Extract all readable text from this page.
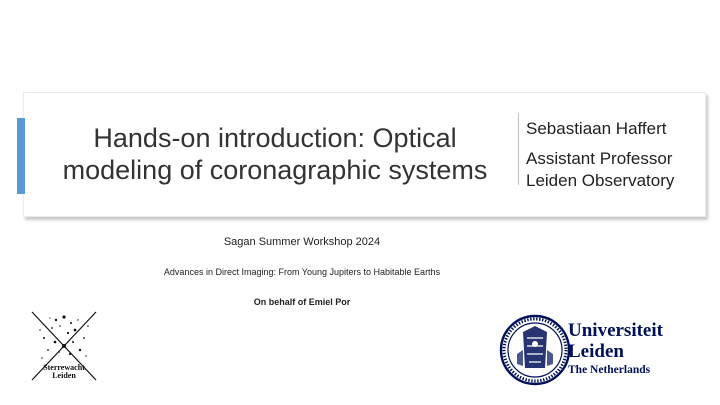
Hands-on introduction: Optical
modeling of coronagraphic systems
Sebastiaan Haffert
Assistant Professor
Leiden Observatory
Sagan Summer Workshop 2024
Advances in Direct Imaging: From Young Jupiters to Habitable Earths
On behalf of Emiel Por
Sterrewacht
Leiden
Universiteit
Leiden
The Netherlands
